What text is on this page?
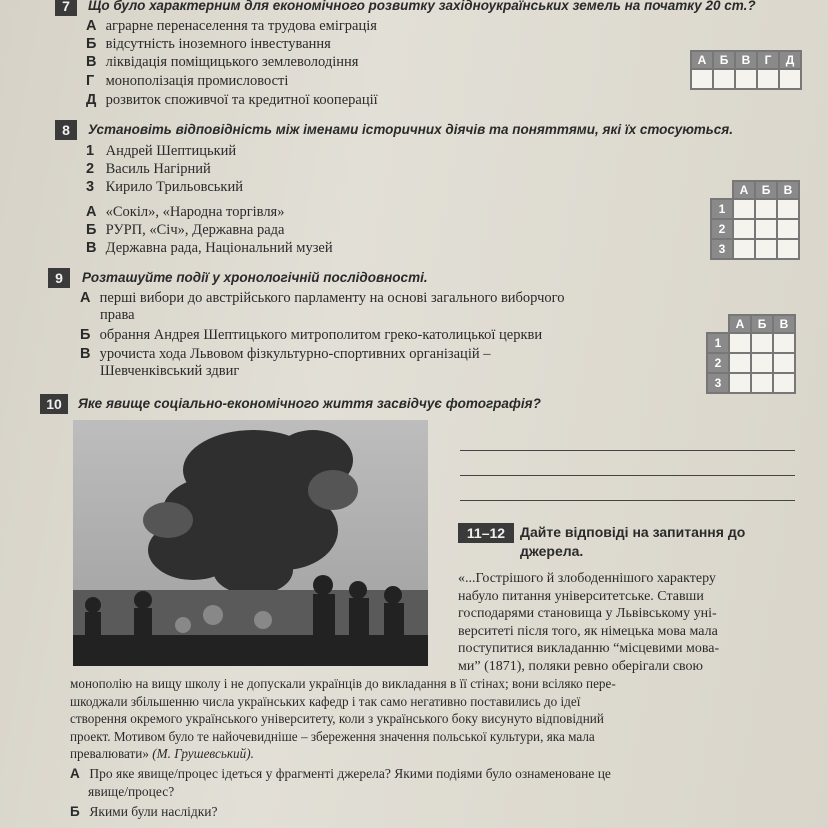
7	Що було характерним для економічного розвитку західноукраїнських земель на початку 20 ст.?
А аграрне перенаселення та трудова еміграція
Б відсутність іноземного інвестування
В ліквідація поміщицького землеволодіння
Г монополізація промисловості
Д розвиток споживчої та кредитної кооперації
А	Б	В	Г	Д

8	Установіть відповідність між іменами історичних діячів та поняттями, які їх стосуються.
1 Андрей Шептицький
2 Василь Нагірний
3 Кирило Трильовський
А «Сокіл», «Народна торгівля»
Б РУРП, «Січ», Державна рада
В Державна рада, Національний музей
	А	Б	В
1			
2			
3			
9	Розташуйте події у хронологічній послідовності.
А перші вибори до австрійського парламенту на основі загального виборчого
права
Б обрання Андрея Шептицького митрополитом греко-католицької церкви
В урочиста хода Львовом фізкультурно-спортивних організацій –
Шевченківський здвиг
	А	Б	В
1			
2			
3			
10	Яке явище соціально-економічного життя засвідчує фотографія?
11–12	Дайте відповіді на запитання до джерела.
«...Гострішого й злободеннішого характеру
набуло питання університетське. Ставши
господарями становища у Львівському уні-
верситеті після того, як німецька мова мала
поступитися викладанню “місцевими мова-
ми” (1871), поляки ревно оберігали свою
монополію на вищу школу і не допускали українців до викладання в її стінах; вони всіляко пере-
шкоджали збільшенню числа українських кафедр і так само негативно поставились до ідеї
створення окремого українського університету, коли з українського боку висунуто відповідний
проект. Мотивом було те найочевидніше – збереження значення польської культури, яка мала
превалювати» (М. Грушевський).
А Про яке явище/процес ідеться у фрагменті джерела? Якими подіями було ознаменоване це
явище/процес?
Б Якими були наслідки?
